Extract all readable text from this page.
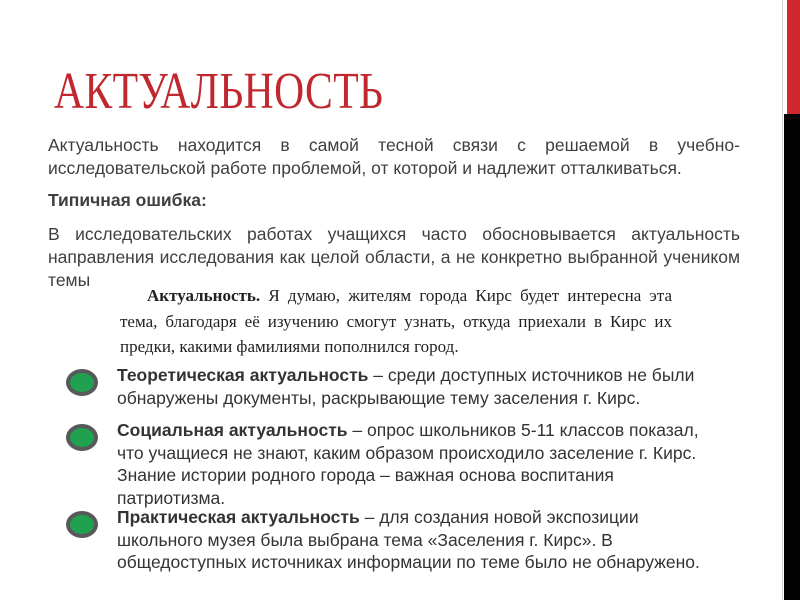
АКТУАЛЬНОСТЬ

Актуальность находится в самой тесной связи с решаемой в учебно-исследовательской работе проблемой, от которой и надлежит отталкиваться.

Типичная ошибка:

В исследовательских работах учащихся часто обосновывается актуальность направления исследования как целой области, а не конкретно выбранной учеником темы

Актуальность. Я думаю, жителям города Кирс будет интересна эта тема, благодаря её изучению смогут узнать, откуда приехали в Кирс их предки, какими фамилиями пополнился город.

Теоретическая актуальность – среди доступных источников не были обнаружены документы, раскрывающие тему заселения г. Кирс.

Социальная актуальность – опрос школьников 5-11 классов показал, что учащиеся не знают, каким образом происходило заселение г. Кирс. Знание истории родного города – важная основа воспитания патриотизма.

Практическая актуальность – для создания новой экспозиции школьного музея была выбрана тема «Заселения г. Кирс». В общедоступных источниках информации по теме было не обнаружено.
